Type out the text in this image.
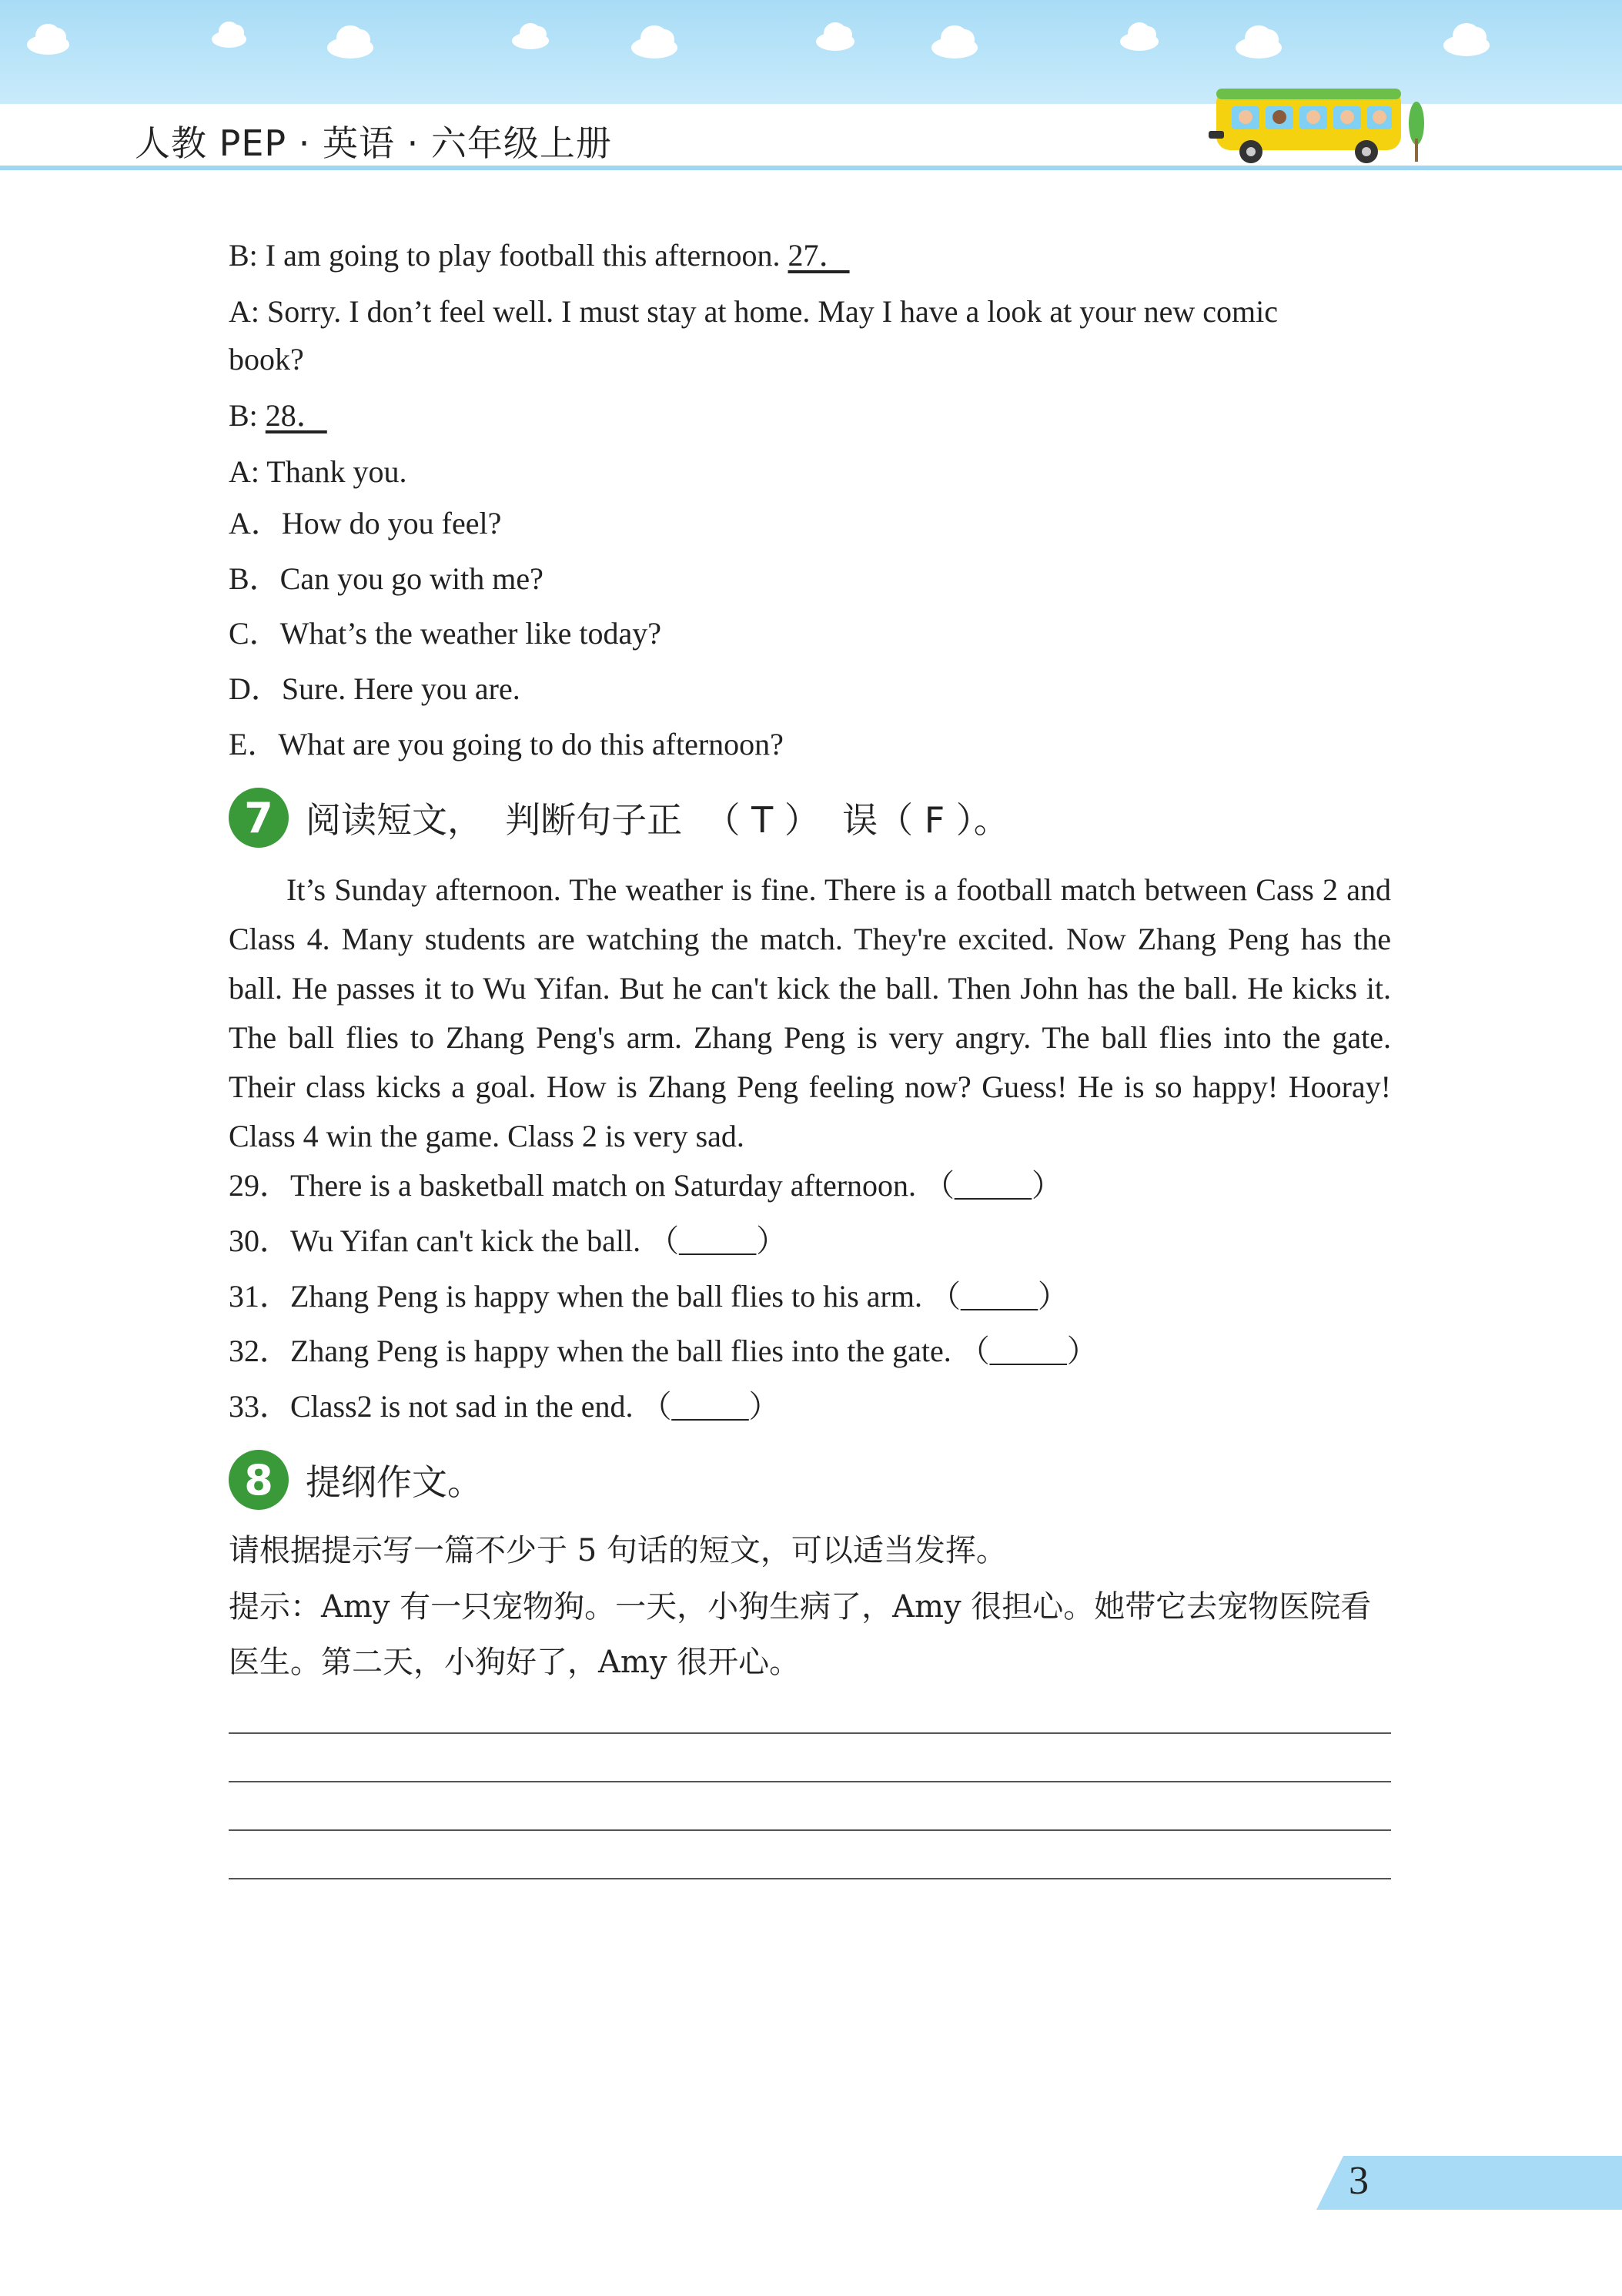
人教 PEP · 英语 · 六年级上册
B: I am going to play football this afternoon. 27．
A: Sorry. I don’t feel well. I must stay at home. May I have a look at your new comic
book?
B: 28．
A: Thank you.
A．How do you feel?
B．Can you go with me?
C．What’s the weather like today?
D．Sure. Here you are.
E．What are you going to do this afternoon?
7 阅读短文，  判断句子正  （ T ）  误（ F ）。
It’s Sunday afternoon. The weather is fine. There is a football match between Cass 2 and Class 4. Many students are watching the match. They're excited. Now Zhang Peng has the ball. He passes it to Wu Yifan. But he can't kick the ball. Then John has the ball. He kicks it. The ball flies to Zhang Peng's arm. Zhang Peng is very angry. The ball flies into the gate. Their class kicks a goal. How is Zhang Peng feeling now? Guess! He is so happy! Hooray! Class 4 win the game. Class 2 is very sad.
29．There is a basketball match on Saturday afternoon. （_____）
30．Wu Yifan can't kick the ball. （_____）
31．Zhang Peng is happy when the ball flies to his arm. （_____）
32．Zhang Peng is happy when the ball flies into the gate. （_____）
33．Class2 is not sad in the end. （_____）
8 提纲作文。
请根据提示写一篇不少于 5 句话的短文，可以适当发挥。
提示：Amy 有一只宠物狗。一天，小狗生病了，Amy 很担心。她带它去宠物医院看医生。第二天，小狗好了，Amy 很开心。
3
